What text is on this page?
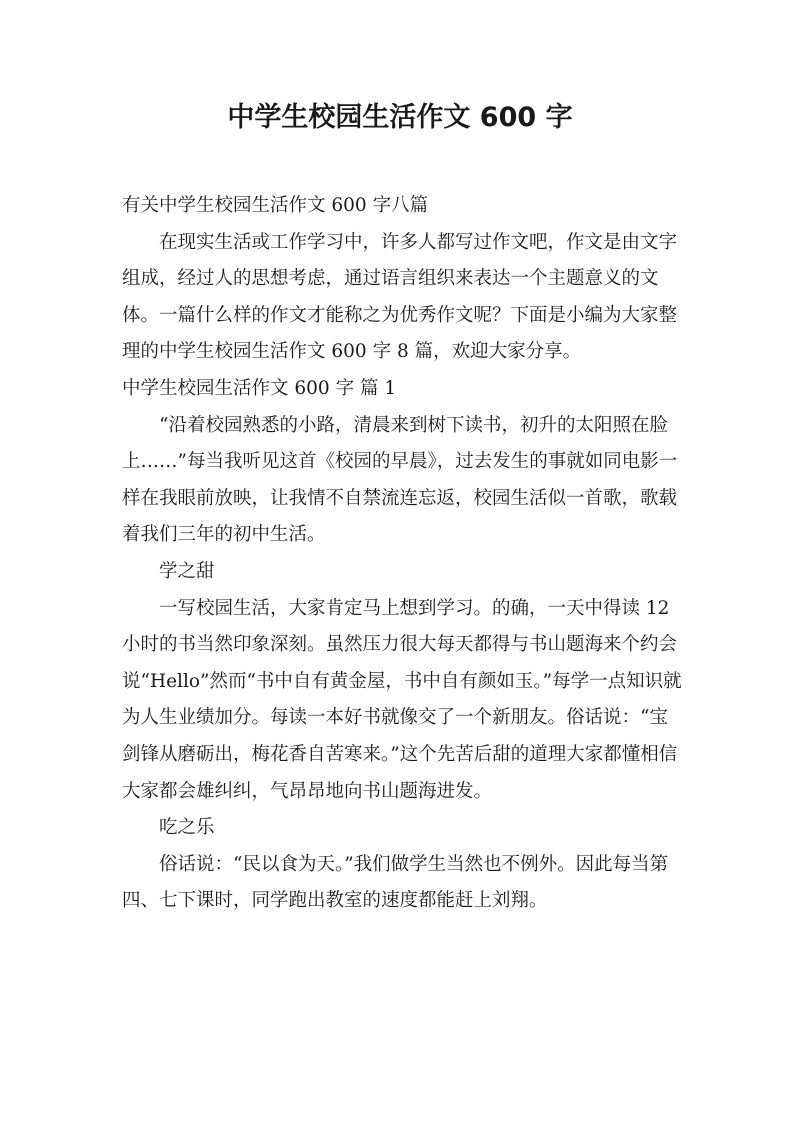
中学生校园生活作文 600 字

有关中学生校园生活作文 600 字八篇

在现实生活或工作学习中，许多人都写过作文吧，作文是由文字组成，经过人的思想考虑，通过语言组织来表达一个主题意义的文体。一篇什么样的作文才能称之为优秀作文呢？下面是小编为大家整理的中学生校园生活作文 600 字 8 篇，欢迎大家分享。

中学生校园生活作文 600 字 篇 1

“沿着校园熟悉的小路，清晨来到树下读书，初升的太阳照在脸上……”每当我听见这首《校园的早晨》，过去发生的事就如同电影一样在我眼前放映，让我情不自禁流连忘返，校园生活似一首歌，歌载着我们三年的初中生活。

学之甜

一写校园生活，大家肯定马上想到学习。的确，一天中得读 12 小时的书当然印象深刻。虽然压力很大每天都得与书山题海来个约会说“Hello”然而“书中自有黄金屋，书中自有颜如玉。”每学一点知识就为人生业绩加分。每读一本好书就像交了一个新朋友。俗话说：“宝剑锋从磨砺出，梅花香自苦寒来。”这个先苦后甜的道理大家都懂相信大家都会雄纠纠，气昂昂地向书山题海进发。

吃之乐

俗话说：“民以食为天。”我们做学生当然也不例外。因此每当第四、七下课时，同学跑出教室的速度都能赶上刘翔。
